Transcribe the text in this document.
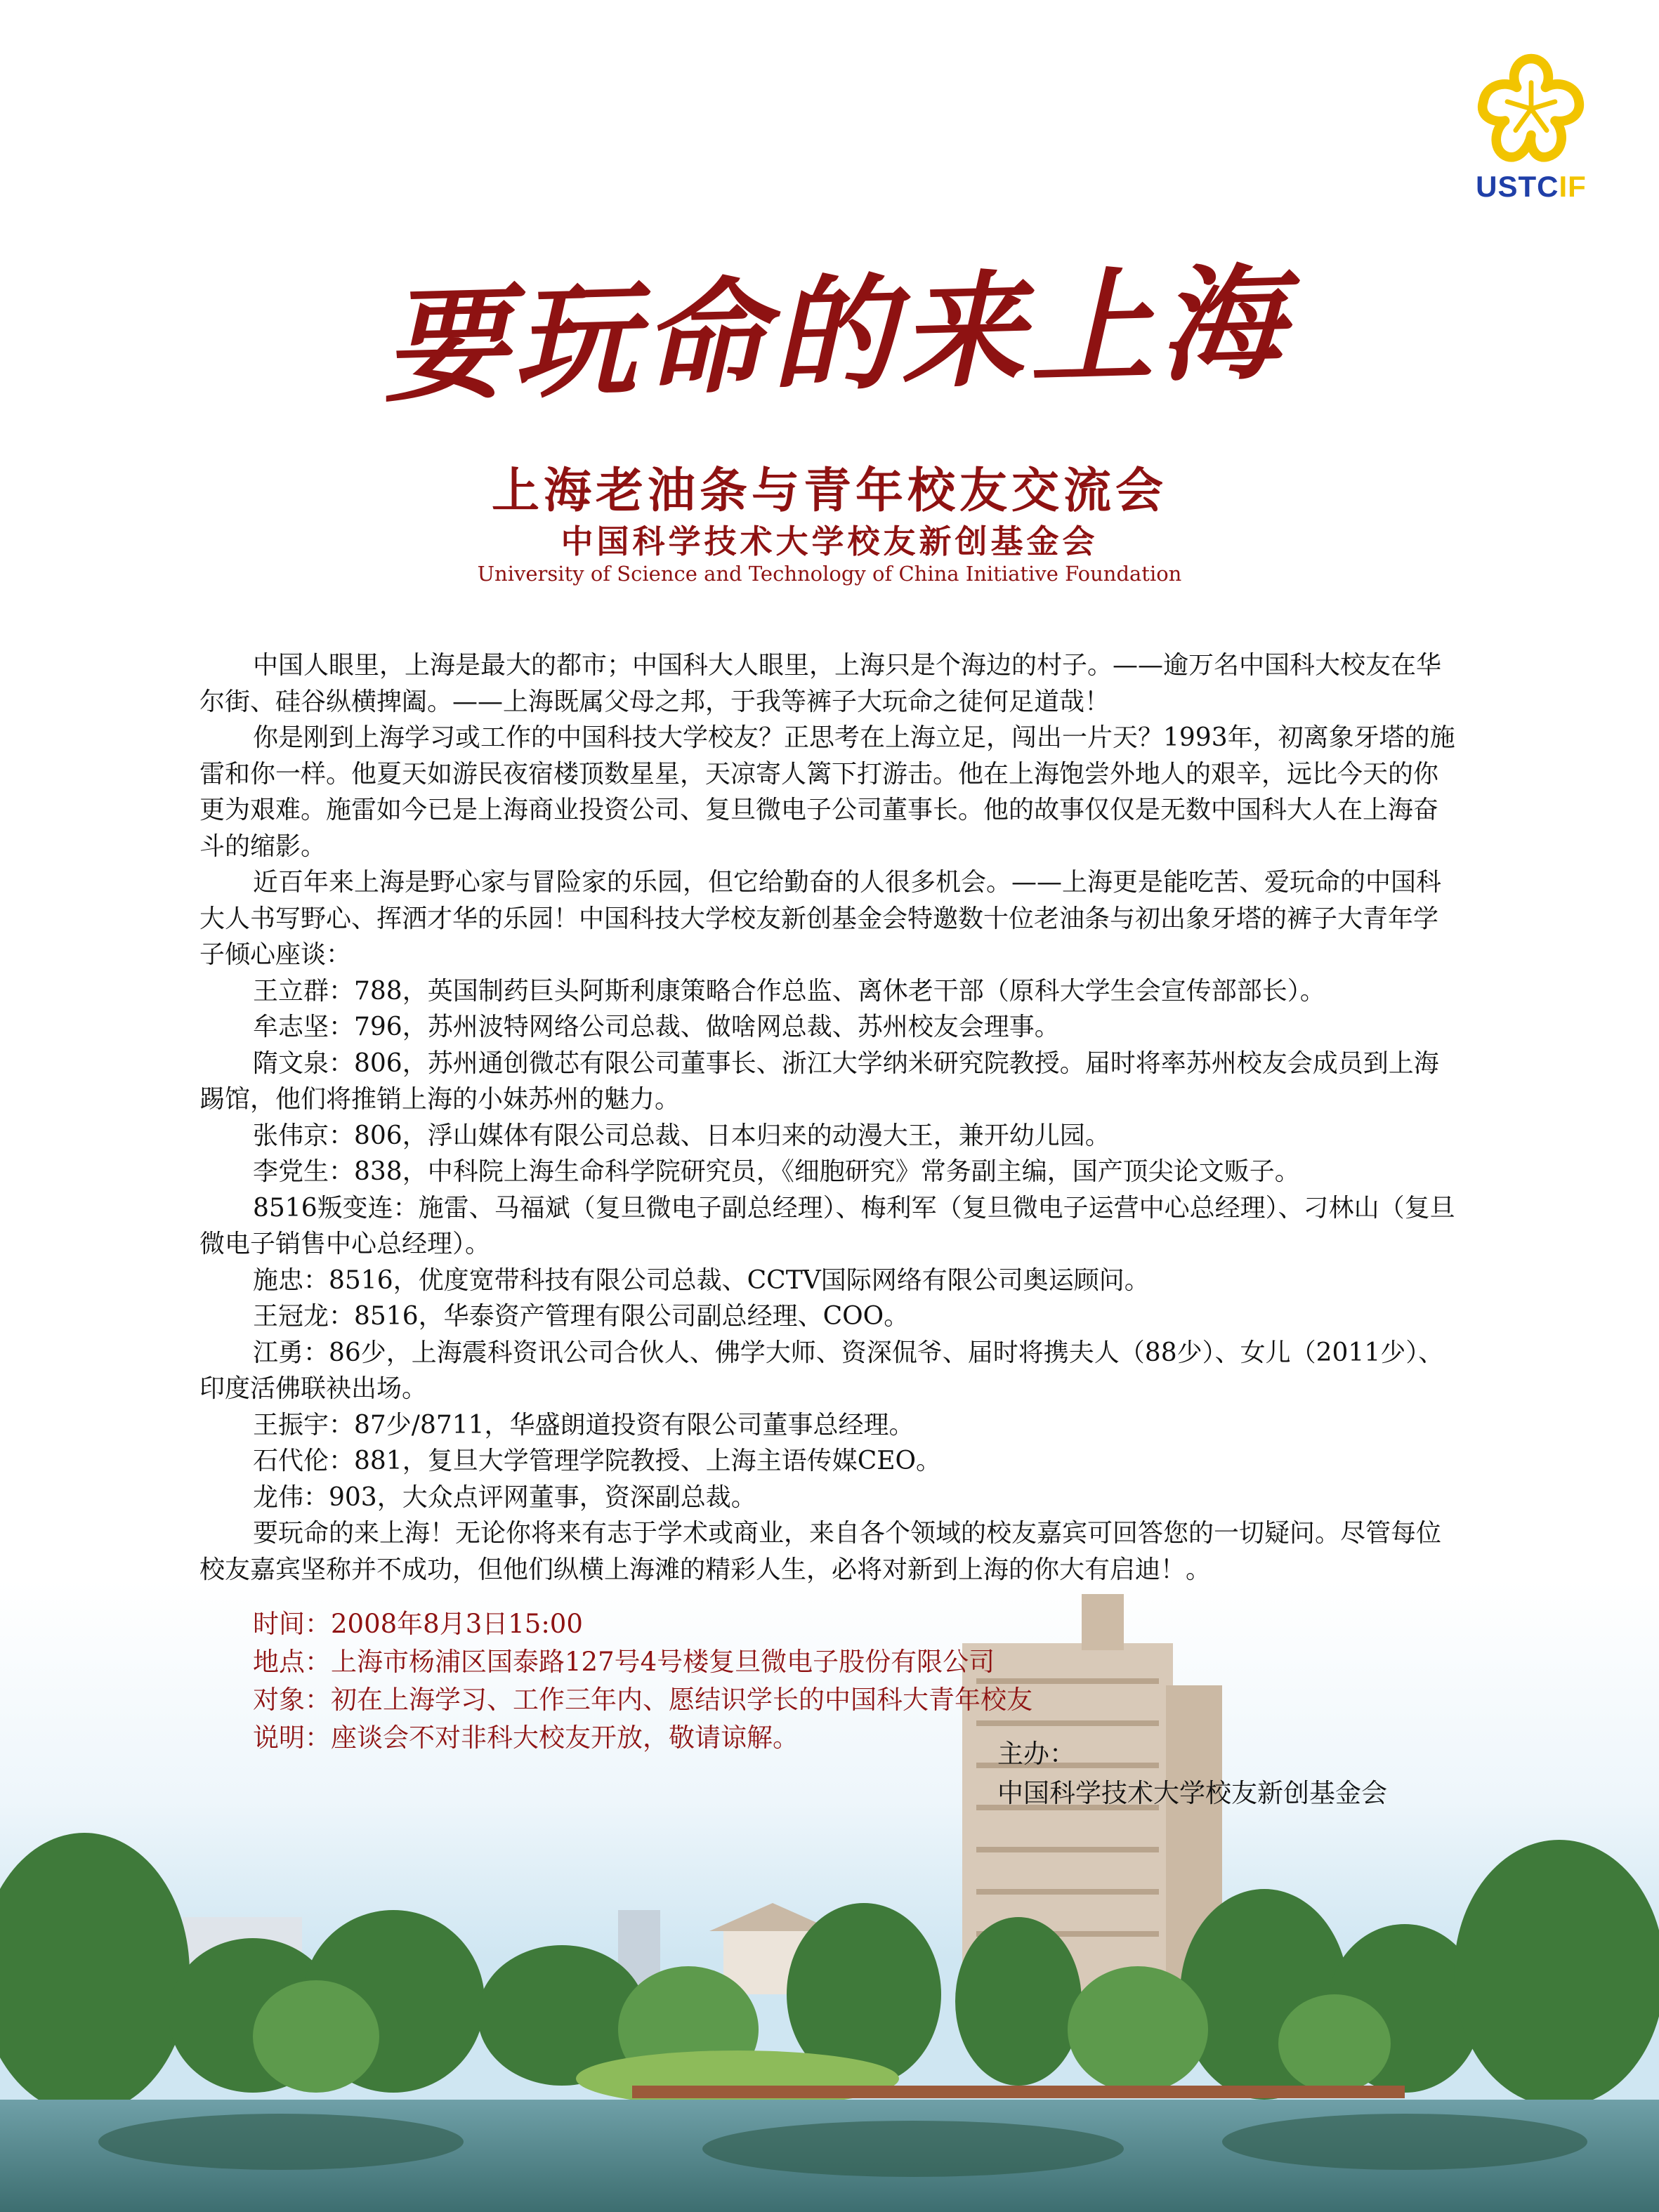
USTCIF
要玩命的来上海
上海老油条与青年校友交流会
中国科学技术大学校友新创基金会
University of Science and Technology of China Initiative Foundation

中国人眼里，上海是最大的都市；中国科大人眼里，上海只是个海边的村子。——逾万名中国科大校友在华尔街、硅谷纵横捭阖。——上海既属父母之邦，于我等裤子大玩命之徒何足道哉！

你是刚到上海学习或工作的中国科技大学校友？正思考在上海立足，闯出一片天？1993年，初离象牙塔的施雷和你一样。他夏天如游民夜宿楼顶数星星，天凉寄人篱下打游击。他在上海饱尝外地人的艰辛，远比今天的你更为艰难。施雷如今已是上海商业投资公司、复旦微电子公司董事长。他的故事仅仅是无数中国科大人在上海奋斗的缩影。

近百年来上海是野心家与冒险家的乐园，但它给勤奋的人很多机会。——上海更是能吃苦、爱玩命的中国科大人书写野心、挥洒才华的乐园！中国科技大学校友新创基金会特邀数十位老油条与初出象牙塔的裤子大青年学子倾心座谈：

王立群：788，英国制药巨头阿斯利康策略合作总监、离休老干部（原科大学生会宣传部部长）。

牟志坚：796，苏州波特网络公司总裁、做啥网总裁、苏州校友会理事。

隋文泉：806，苏州通创微芯有限公司董事长、浙江大学纳米研究院教授。届时将率苏州校友会成员到上海踢馆，他们将推销上海的小妹苏州的魅力。

张伟京：806，浮山媒体有限公司总裁、日本归来的动漫大王，兼开幼儿园。

李党生：838，中科院上海生命科学院研究员，《细胞研究》常务副主编，国产顶尖论文贩子。

8516叛变连：施雷、马福斌（复旦微电子副总经理）、梅利军（复旦微电子运营中心总经理）、刁林山（复旦微电子销售中心总经理）。

施忠：8516，优度宽带科技有限公司总裁、CCTV国际网络有限公司奥运顾问。

王冠龙：8516，华泰资产管理有限公司副总经理、COO。

江勇：86少，上海震科资讯公司合伙人、佛学大师、资深侃爷、届时将携夫人（88少）、女儿（2011少）、印度活佛联袂出场。

王振宇：87少/8711，华盛朗道投资有限公司董事总经理。

石代伦：881，复旦大学管理学院教授、上海主语传媒CEO。

龙伟：903，大众点评网董事，资深副总裁。

要玩命的来上海！无论你将来有志于学术或商业，来自各个领域的校友嘉宾可回答您的一切疑问。尽管每位校友嘉宾坚称并不成功，但他们纵横上海滩的精彩人生，必将对新到上海的你大有启迪！。

时间：2008年8月3日15:00
地点：上海市杨浦区国泰路127号4号楼复旦微电子股份有限公司
对象：初在上海学习、工作三年内、愿结识学长的中国科大青年校友
说明：座谈会不对非科大校友开放，敬请谅解。
主办：
中国科学技术大学校友新创基金会
